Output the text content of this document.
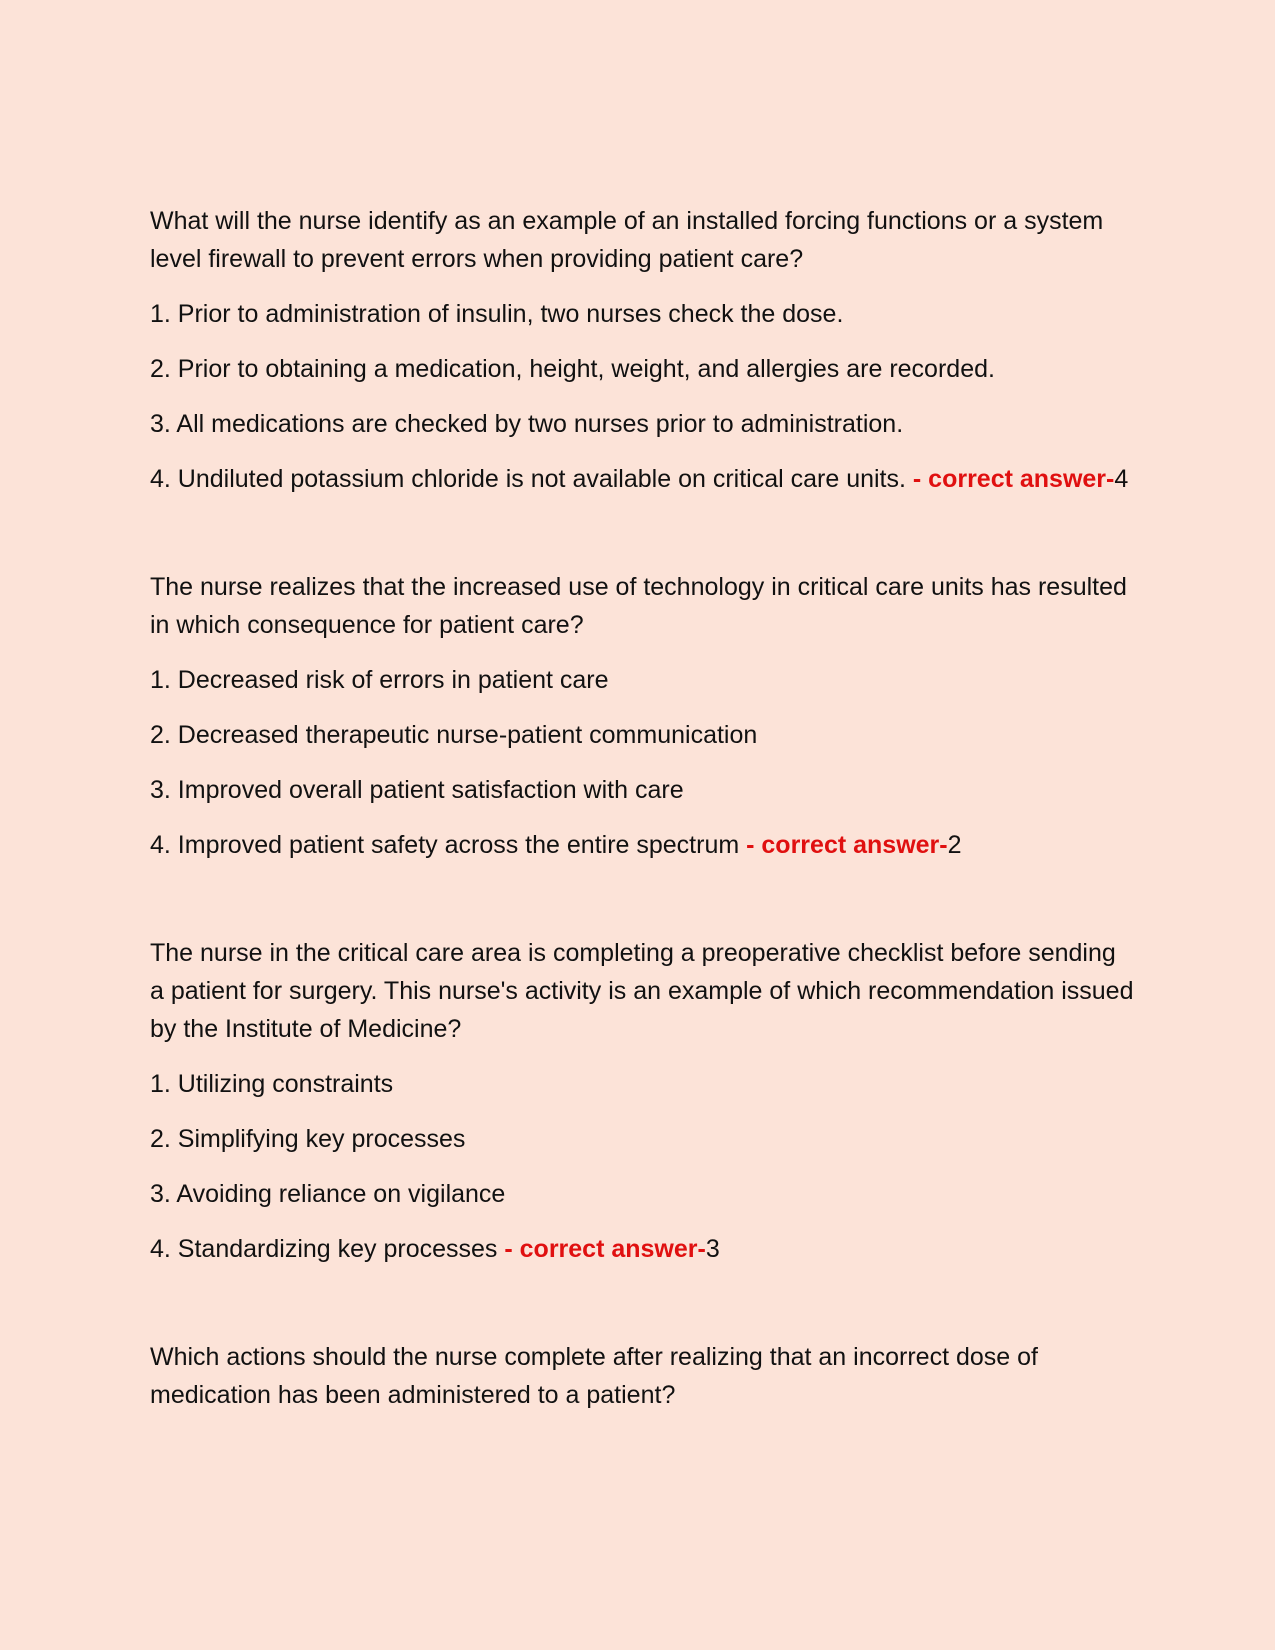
What will the nurse identify as an example of an installed forcing functions or a system level firewall to prevent errors when providing patient care?

1. Prior to administration of insulin, two nurses check the dose.

2. Prior to obtaining a medication, height, weight, and allergies are recorded.

3. All medications are checked by two nurses prior to administration.

4. Undiluted potassium chloride is not available on critical care units. - correct answer-4

The nurse realizes that the increased use of technology in critical care units has resulted in which consequence for patient care?

1. Decreased risk of errors in patient care

2. Decreased therapeutic nurse-patient communication

3. Improved overall patient satisfaction with care

4. Improved patient safety across the entire spectrum - correct answer-2

The nurse in the critical care area is completing a preoperative checklist before sending a patient for surgery. This nurse's activity is an example of which recommendation issued by the Institute of Medicine?

1. Utilizing constraints

2. Simplifying key processes

3. Avoiding reliance on vigilance

4. Standardizing key processes - correct answer-3

Which actions should the nurse complete after realizing that an incorrect dose of medication has been administered to a patient?
